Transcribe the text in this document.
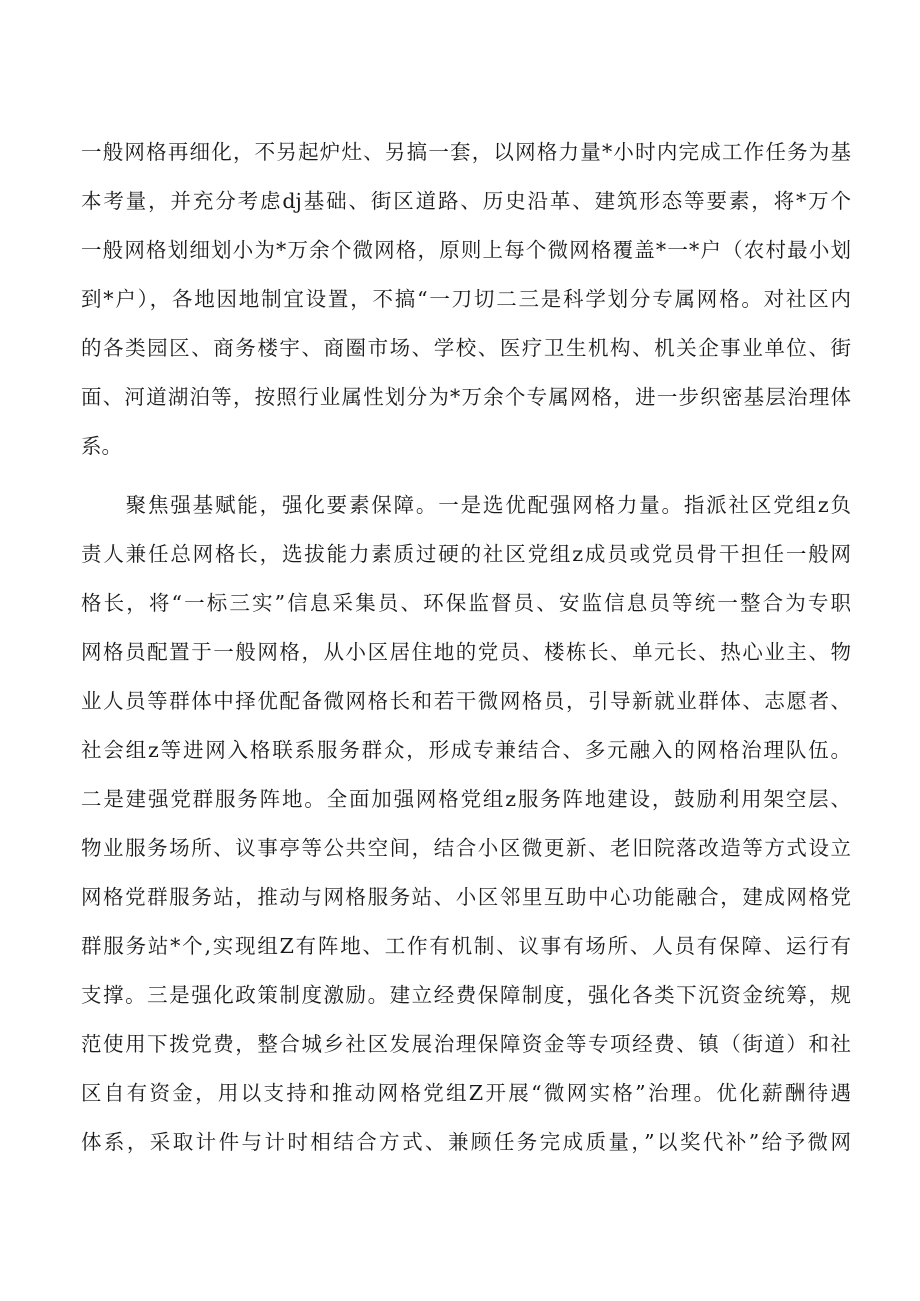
一般网格再细化，不另起炉灶、另搞一套，以网格力量*小时内完成工作任务为基
本考量，并充分考虑dj基础、街区道路、历史沿革、建筑形态等要素，将*万个
一般网格划细划小为*万余个微网格，原则上每个微网格覆盖*一*户（农村最小划
到*户），各地因地制宜设置，不搞“一刀切二三是科学划分专属网格。对社区内
的各类园区、商务楼宇、商圈市场、学校、医疗卫生机构、机关企事业单位、街
面、河道湖泊等，按照行业属性划分为*万余个专属网格，进一步织密基层治理体
系。
　　聚焦强基赋能，强化要素保障。一是选优配强网格力量。指派社区党组z负
责人兼任总网格长，选拔能力素质过硬的社区党组z成员或党员骨干担任一般网
格长，将“一标三实”信息采集员、环保监督员、安监信息员等统一整合为专职
网格员配置于一般网格，从小区居住地的党员、楼栋长、单元长、热心业主、物
业人员等群体中择优配备微网格长和若干微网格员，引导新就业群体、志愿者、
社会组z等进网入格联系服务群众，形成专兼结合、多元融入的网格治理队伍。
二是建强党群服务阵地。全面加强网格党组z服务阵地建设，鼓励利用架空层、
物业服务场所、议事亭等公共空间，结合小区微更新、老旧院落改造等方式设立
网格党群服务站，推动与网格服务站、小区邻里互助中心功能融合，建成网格党
群服务站*个,实现组Z有阵地、工作有机制、议事有场所、人员有保障、运行有
支撑。三是强化政策制度激励。建立经费保障制度，强化各类下沉资金统筹，规
范使用下拨党费，整合城乡社区发展治理保障资金等专项经费、镇（街道）和社
区自有资金，用以支持和推动网格党组Z开展“微网实格”治理。优化薪酬待遇
体系，采取计件与计时相结合方式、兼顾任务完成质量，”以奖代补”给予微网
